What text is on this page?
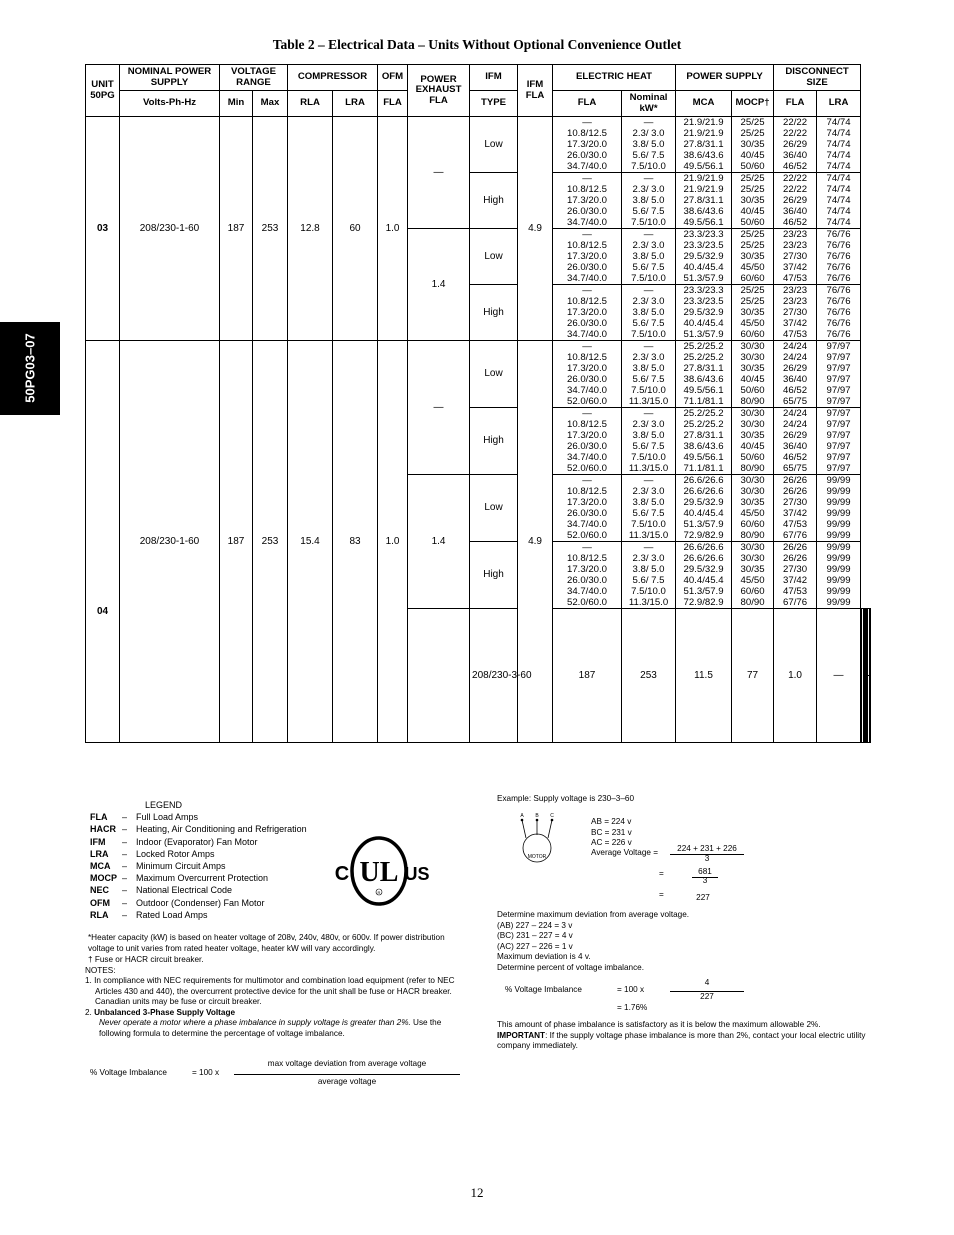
Table 2 – Electrical Data – Units Without Optional Convenience Outlet
50PG03–07
UNIT 50PG	NOMINAL POWER SUPPLY	VOLTAGE RANGE		COMPRESSOR		OFM	POWER EXHAUST FLA	IFM	IFM FLA	ELECTRIC HEAT		POWER SUPPLY		DISCONNECT SIZE						
	Volts-Ph-Hz	Min	Max	RLA	LRA	FLA		TYPE		FLA	Nominal kW*	MCA	MOCP†	FLA	LRA					
03	208/230-1-60	187	253	12.8	60	1.0	—	Low	4.9	—	—	21.9/21.9	25/25	22/22	74/74					
										10.8/12.5	2.3/ 3.0	21.9/21.9	25/25	22/22	74/74					
										17.3/20.0	3.8/ 5.0	27.8/31.1	30/35	26/29	74/74					
										26.0/30.0	5.6/ 7.5	38.6/43.6	40/45	36/40	74/74					
										34.7/40.0	7.5/10.0	49.5/56.1	50/60	46/52	74/74					
								High		—	—	21.9/21.9	25/25	22/22	74/74					
										10.8/12.5	2.3/ 3.0	21.9/21.9	25/25	22/22	74/74					
										17.3/20.0	3.8/ 5.0	27.8/31.1	30/35	26/29	74/74					
										26.0/30.0	5.6/ 7.5	38.6/43.6	40/45	36/40	74/74					
										34.7/40.0	7.5/10.0	49.5/56.1	50/60	46/52	74/74					
							1.4	Low		—	—	23.3/23.3	25/25	23/23	76/76					
										10.8/12.5	2.3/ 3.0	23.3/23.5	25/25	23/23	76/76					
										17.3/20.0	3.8/ 5.0	29.5/32.9	30/35	27/30	76/76					
										26.0/30.0	5.6/ 7.5	40.4/45.4	45/50	37/42	76/76					
										34.7/40.0	7.5/10.0	51.3/57.9	60/60	47/53	76/76					
								High		—	—	23.3/23.3	25/25	23/23	76/76					
										10.8/12.5	2.3/ 3.0	23.3/23.5	25/25	23/23	76/76					
										17.3/20.0	3.8/ 5.0	29.5/32.9	30/35	27/30	76/76					
										26.0/30.0	5.6/ 7.5	40.4/45.4	45/50	37/42	76/76					
										34.7/40.0	7.5/10.0	51.3/57.9	60/60	47/53	76/76					
04	208/230-1-60	187	253	15.4	83	1.0	—	Low	4.9	—	—	25.2/25.2	30/30	24/24	97/97					
										10.8/12.5	2.3/ 3.0	25.2/25.2	30/30	24/24	97/97					
										17.3/20.0	3.8/ 5.0	27.8/31.1	30/35	26/29	97/97					
										26.0/30.0	5.6/ 7.5	38.6/43.6	40/45	36/40	97/97					
										34.7/40.0	7.5/10.0	49.5/56.1	50/60	46/52	97/97					
										52.0/60.0	11.3/15.0	71.1/81.1	80/90	65/75	97/97					
								High		—	—	25.2/25.2	30/30	24/24	97/97					
										10.8/12.5	2.3/ 3.0	25.2/25.2	30/30	24/24	97/97					
										17.3/20.0	3.8/ 5.0	27.8/31.1	30/35	26/29	97/97					
										26.0/30.0	5.6/ 7.5	38.6/43.6	40/45	36/40	97/97					
										34.7/40.0	7.5/10.0	49.5/56.1	50/60	46/52	97/97					
										52.0/60.0	11.3/15.0	71.1/81.1	80/90	65/75	97/97					
							1.4	Low		—	—	26.6/26.6	30/30	26/26	99/99					
										10.8/12.5	2.3/ 3.0	26.6/26.6	30/30	26/26	99/99					
										17.3/20.0	3.8/ 5.0	29.5/32.9	30/35	27/30	99/99					
										26.0/30.0	5.6/ 7.5	40.4/45.4	45/50	37/42	99/99					
										34.7/40.0	7.5/10.0	51.3/57.9	60/60	47/53	99/99					
										52.0/60.0	11.3/15.0	72.9/82.9	80/90	67/76	99/99					
								High		—	—	26.6/26.6	30/30	26/26	99/99					
										10.8/12.5	2.3/ 3.0	26.6/26.6	30/30	26/26	99/99					
										17.3/20.0	3.8/ 5.0	29.5/32.9	30/35	27/30	99/99					
										26.0/30.0	5.6/ 7.5	40.4/45.4	45/50	37/42	99/99					
										34.7/40.0	7.5/10.0	51.3/57.9	60/60	47/53	99/99					
										52.0/60.0	11.3/15.0	72.9/82.9	80/90	67/76	99/99					
								208/230-3-60		187	253	11.5	77	1.0	—								

LEGEND
FLA	– Full Load Amps
HACR – Heating, Air Conditioning and Refrigeration
IFM	– Indoor (Evaporator) Fan Motor
LRA	– Locked Rotor Amps
MCA	– Minimum Circuit Amps
MOCP – Maximum Overcurrent Protection
NEC	– National Electrical Code
OFM	– Outdoor (Condenser) Fan Motor
RLA	– Rated Load Amps
UL
C	US
R

*Heater capacity (kW) is based on heater voltage of 208v, 240v, 480v, or 600v. If power distribution voltage to unit varies from rated heater voltage, heater kW will vary accordingly.

† Fuse or HACR circuit breaker.

NOTES:

1. In compliance with NEC requirements for multimotor and combination load equipment (refer to NEC Articles 430 and 440), the overcurrent protective device for the unit shall be fuse or HACR breaker. Canadian units may be fuse or circuit breaker.

2. Unbalanced 3-Phase Supply Voltage

Never operate a motor where a phase imbalance in supply voltage is greater than 2%. Use the following formula to determine the percentage of voltage imbalance.

% Voltage Imbalance	= 100 x
max voltage deviation from average voltage
average voltage
Example: Supply voltage is 230–3–60
A B C
MOTOR
AB = 224 v
BC = 231 v
AC = 226 v
Average Voltage =	224 + 231 + 226
3
=	681
3
=	227
Determine maximum deviation from average voltage.
(AB) 227 – 224 = 3 v
(BC) 231 – 227 = 4 v
(AC) 227 – 226 = 1 v
Maximum deviation is 4 v.
Determine percent of voltage imbalance.
% Voltage Imbalance	= 100 x
4
227
= 1.76%
This amount of phase imbalance is satisfactory as it is below the maximum allowable 2%.
IMPORTANT: If the supply voltage phase imbalance is more than 2%, contact your local electric utility company immediately.
12
